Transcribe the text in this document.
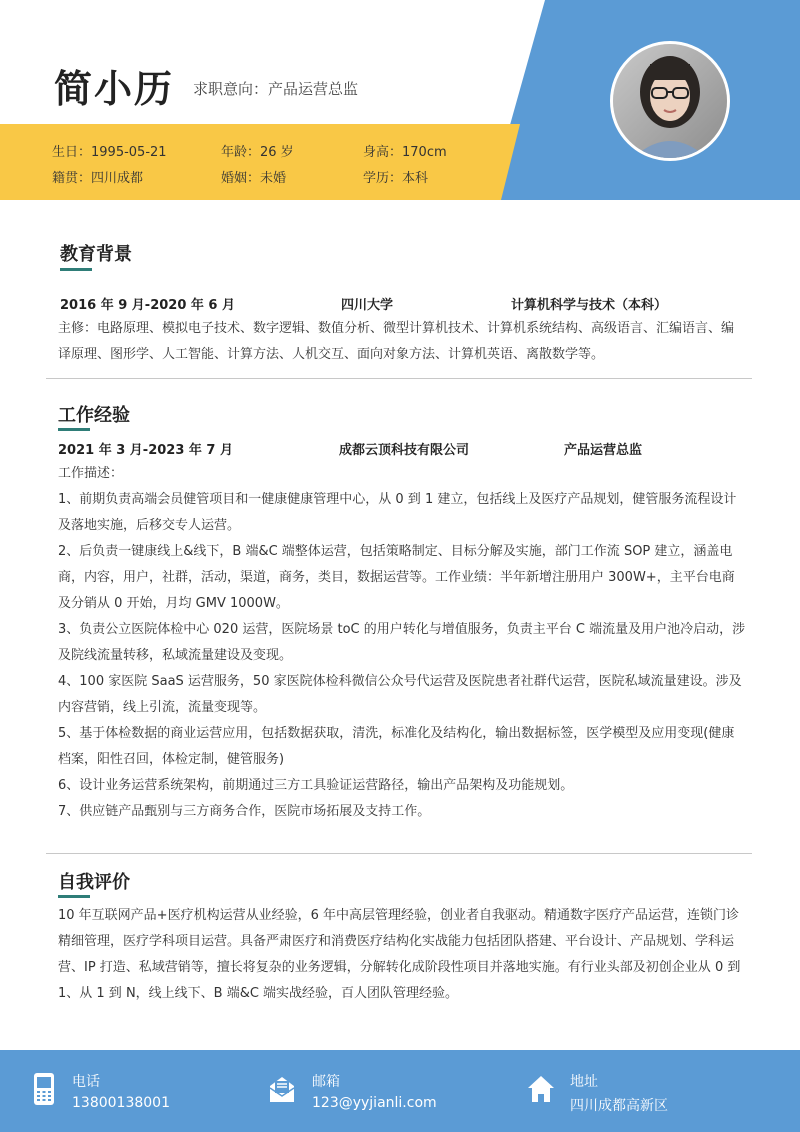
简小历 求职意向：产品运营总监
生日：1995-05-21	年龄：26 岁	身高：170cm
籍贯：四川成都	婚姻：未婚	学历：本科
教育背景
2016 年 9 月-2020 年 6 月	四川大学	计算机科学与技术（本科）

主修：电路原理、模拟电子技术、数字逻辑、数值分析、微型计算机技术、计算机系统结构、高级语言、汇编语言、编译原理、图形学、人工智能、计算方法、人机交互、面向对象方法、计算机英语、离散数学等。

工作经验
2021 年 3 月-2023 年 7 月	成都云顶科技有限公司	产品运营总监

工作描述：

1、前期负责高端会员健管项目和一健康健康管理中心，从 0 到 1 建立，包括线上及医疗产品规划，健管服务流程设计及落地实施，后移交专人运营。

2、后负责一键康线上&线下，B 端&C 端整体运营，包括策略制定、目标分解及实施，部门工作流 SOP 建立，涵盖电商，内容，用户，社群，活动，渠道，商务，类目，数据运营等。工作业绩：半年新增注册用户 300W+，主平台电商及分销从 0 开始，月均 GMV 1000W。

3、负责公立医院体检中心 020 运营，医院场景 toC 的用户转化与增值服务，负责主平台 C 端流量及用户池冷启动，涉及院线流量转移，私域流量建设及变现。

4、100 家医院 SaaS 运营服务，50 家医院体检科微信公众号代运营及医院患者社群代运营，医院私域流量建设。涉及内容营销，线上引流，流量变现等。

5、基于体检数据的商业运营应用，包括数据获取，清洗，标准化及结构化，输出数据标签，医学模型及应用变现(健康档案，阳性召回，体检定制，健管服务)

6、设计业务运营系统架构，前期通过三方工具验证运营路径，输出产品架构及功能规划。

7、供应链产品甄别与三方商务合作，医院市场拓展及支持工作。

自我评价

10 年互联网产品+医疗机构运营从业经验，6 年中高层管理经验，创业者自我驱动。精通数字医疗产品运营，连锁门诊精细管理，医疗学科项目运营。具备严肃医疗和消费医疗结构化实战能力包括团队搭建、平台设计、产品规划、学科运营、IP 打造、私域营销等，擅长将复杂的业务逻辑，分解转化成阶段性项目并落地实施。有行业头部及初创企业从 0 到 1、从 1 到 N，线上线下、B 端&C 端实战经验，百人团队管理经验。

电话
13800138001
邮箱
123@yyjianli.com
地址
四川成都高新区
